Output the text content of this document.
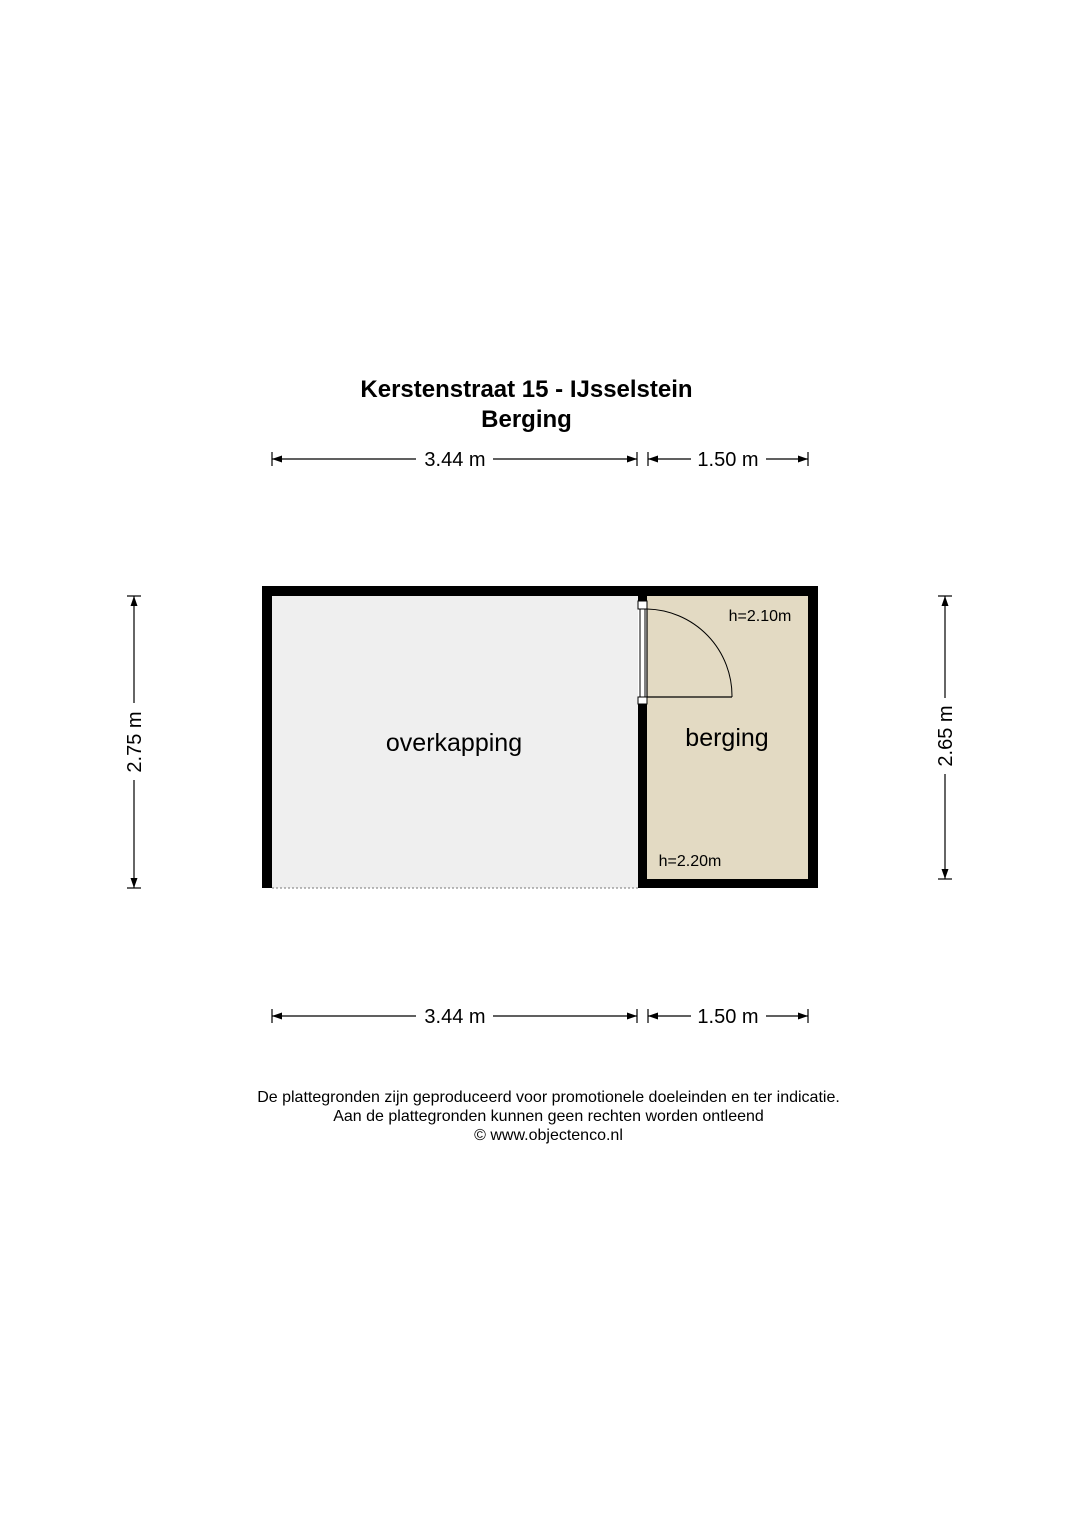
Kerstenstraat 15 - IJsselstein
Berging
3.44 m	1.50 m
3.44 m	1.50 m
2.75 m	2.65 m
overkapping	berging
h=2.10m
h=2.20m
De plattegronden zijn geproduceerd voor promotionele doeleinden en ter indicatie.
Aan de plattegronden kunnen geen rechten worden ontleend
© www.objectenco.nl
